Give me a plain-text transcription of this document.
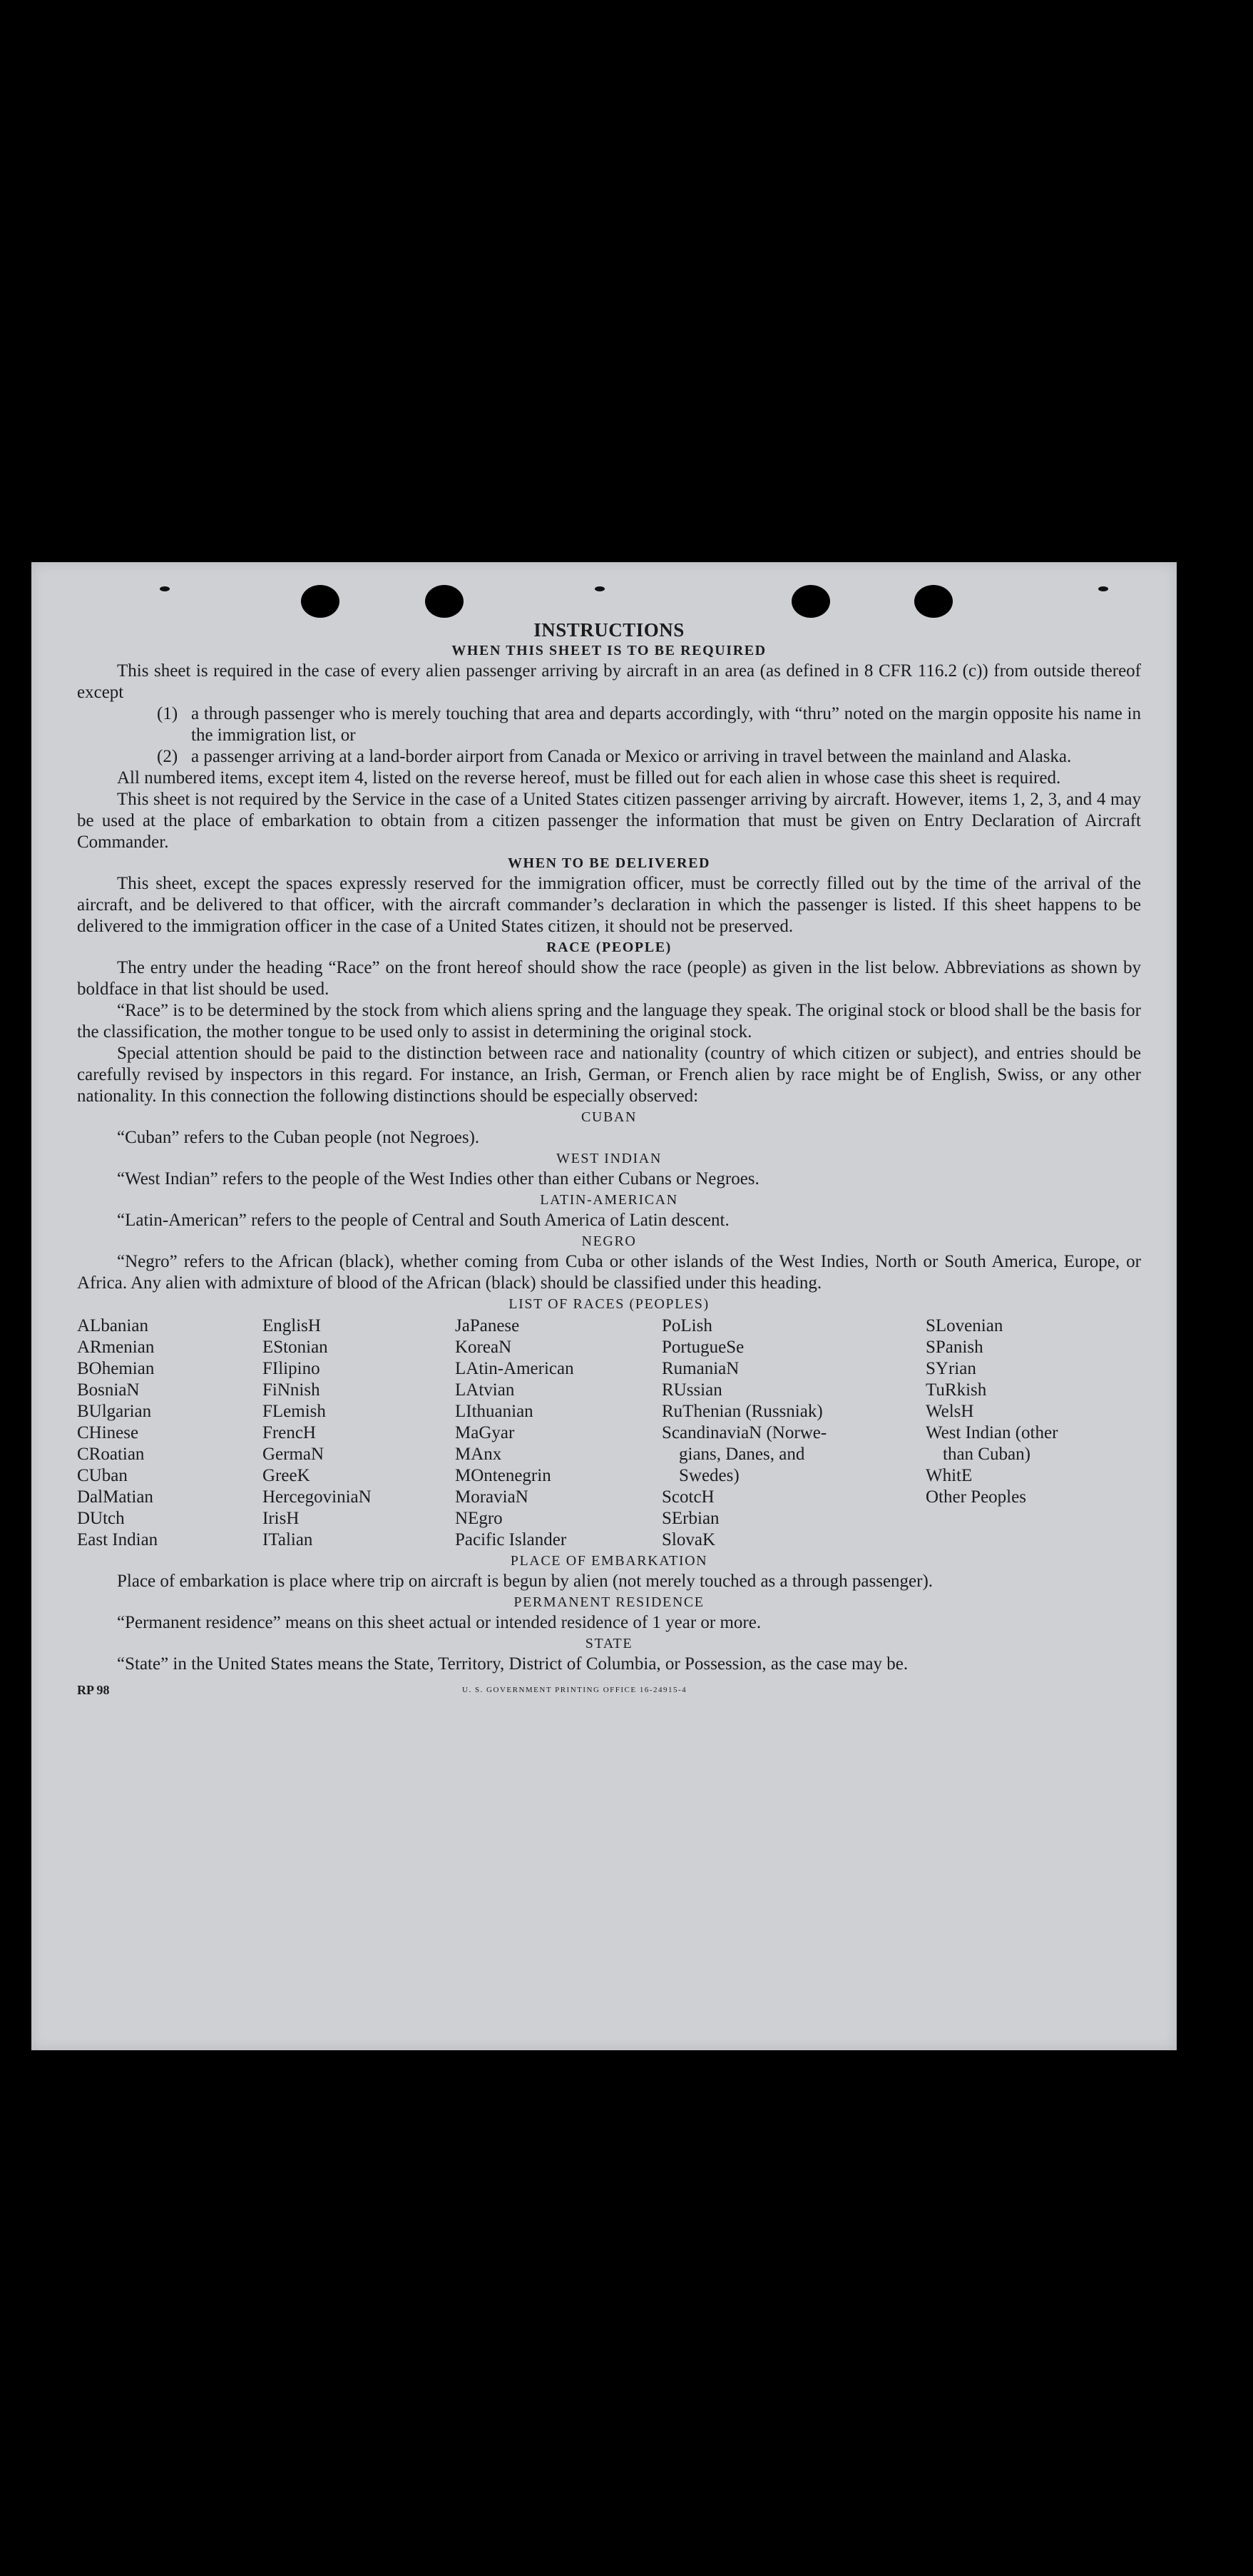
INSTRUCTIONS
WHEN THIS SHEET IS TO BE REQUIRED

This sheet is required in the case of every alien passenger arriving by aircraft in an area (as defined in 8 CFR 116.2 (c)) from outside thereof except

(1) a through passenger who is merely touching that area and departs accordingly, with “thru” noted on the margin opposite his name in the immigration list, or
(2) a passenger arriving at a land-border airport from Canada or Mexico or arriving in travel between the mainland and Alaska.

All numbered items, except item 4, listed on the reverse hereof, must be filled out for each alien in whose case this sheet is required.

This sheet is not required by the Service in the case of a United States citizen passenger arriving by aircraft. However, items 1, 2, 3, and 4 may be used at the place of embarkation to obtain from a citizen passenger the information that must be given on Entry Declaration of Aircraft Commander.

WHEN TO BE DELIVERED

This sheet, except the spaces expressly reserved for the immigration officer, must be correctly filled out by the time of the arrival of the aircraft, and be delivered to that officer, with the aircraft commander’s declaration in which the passenger is listed. If this sheet happens to be delivered to the immigration officer in the case of a United States citizen, it should not be preserved.

RACE (PEOPLE)

The entry under the heading “Race” on the front hereof should show the race (people) as given in the list below. Abbreviations as shown by boldface in that list should be used.

“Race” is to be determined by the stock from which aliens spring and the language they speak. The original stock or blood shall be the basis for the classification, the mother tongue to be used only to assist in determining the original stock.

Special attention should be paid to the distinction between race and nationality (country of which citizen or subject), and entries should be carefully revised by inspectors in this regard. For instance, an Irish, German, or French alien by race might be of English, Swiss, or any other nationality. In this connection the following distinctions should be especially observed:

CUBAN

“Cuban” refers to the Cuban people (not Negroes).

WEST INDIAN

“West Indian” refers to the people of the West Indies other than either Cubans or Negroes.

LATIN-AMERICAN

“Latin-American” refers to the people of Central and South America of Latin descent.

NEGRO

“Negro” refers to the African (black), whether coming from Cuba or other islands of the West Indies, North or South America, Europe, or Africa. Any alien with admixture of blood of the African (black) should be classified under this heading.

LIST OF RACES (PEOPLES)
ALbanian
ARmenian
BOhemian
BosniaN
BUlgarian
CHinese
CRoatian
CUban
DalMatian
DUtch
East Indian
EnglisH
EStonian
FIlipino
FiNnish
FLemish
FrencH
GermaN
GreeK
HercegoviniaN
IrisH
ITalian
JaPanese
KoreaN
LAtin-American
LAtvian
LIthuanian
MaGyar
MAnx
MOntenegrin
MoraviaN
NEgro
Pacific Islander
PoLish
PortugueSe
RumaniaN
RUssian
RuThenian (Russniak)
ScandinaviaN (Norwe-
gians, Danes, and
Swedes)
ScotcH
SErbian
SlovaK
SLovenian
SPanish
SYrian
TuRkish
WelsH
West Indian (other
than Cuban)
WhitE
Other Peoples
PLACE OF EMBARKATION

Place of embarkation is place where trip on aircraft is begun by alien (not merely touched as a through passenger).

PERMANENT RESIDENCE

“Permanent residence” means on this sheet actual or intended residence of 1 year or more.

STATE

“State” in the United States means the State, Territory, District of Columbia, or Possession, as the case may be.

RP 98	U. S. GOVERNMENT PRINTING OFFICE 16-24915-4
